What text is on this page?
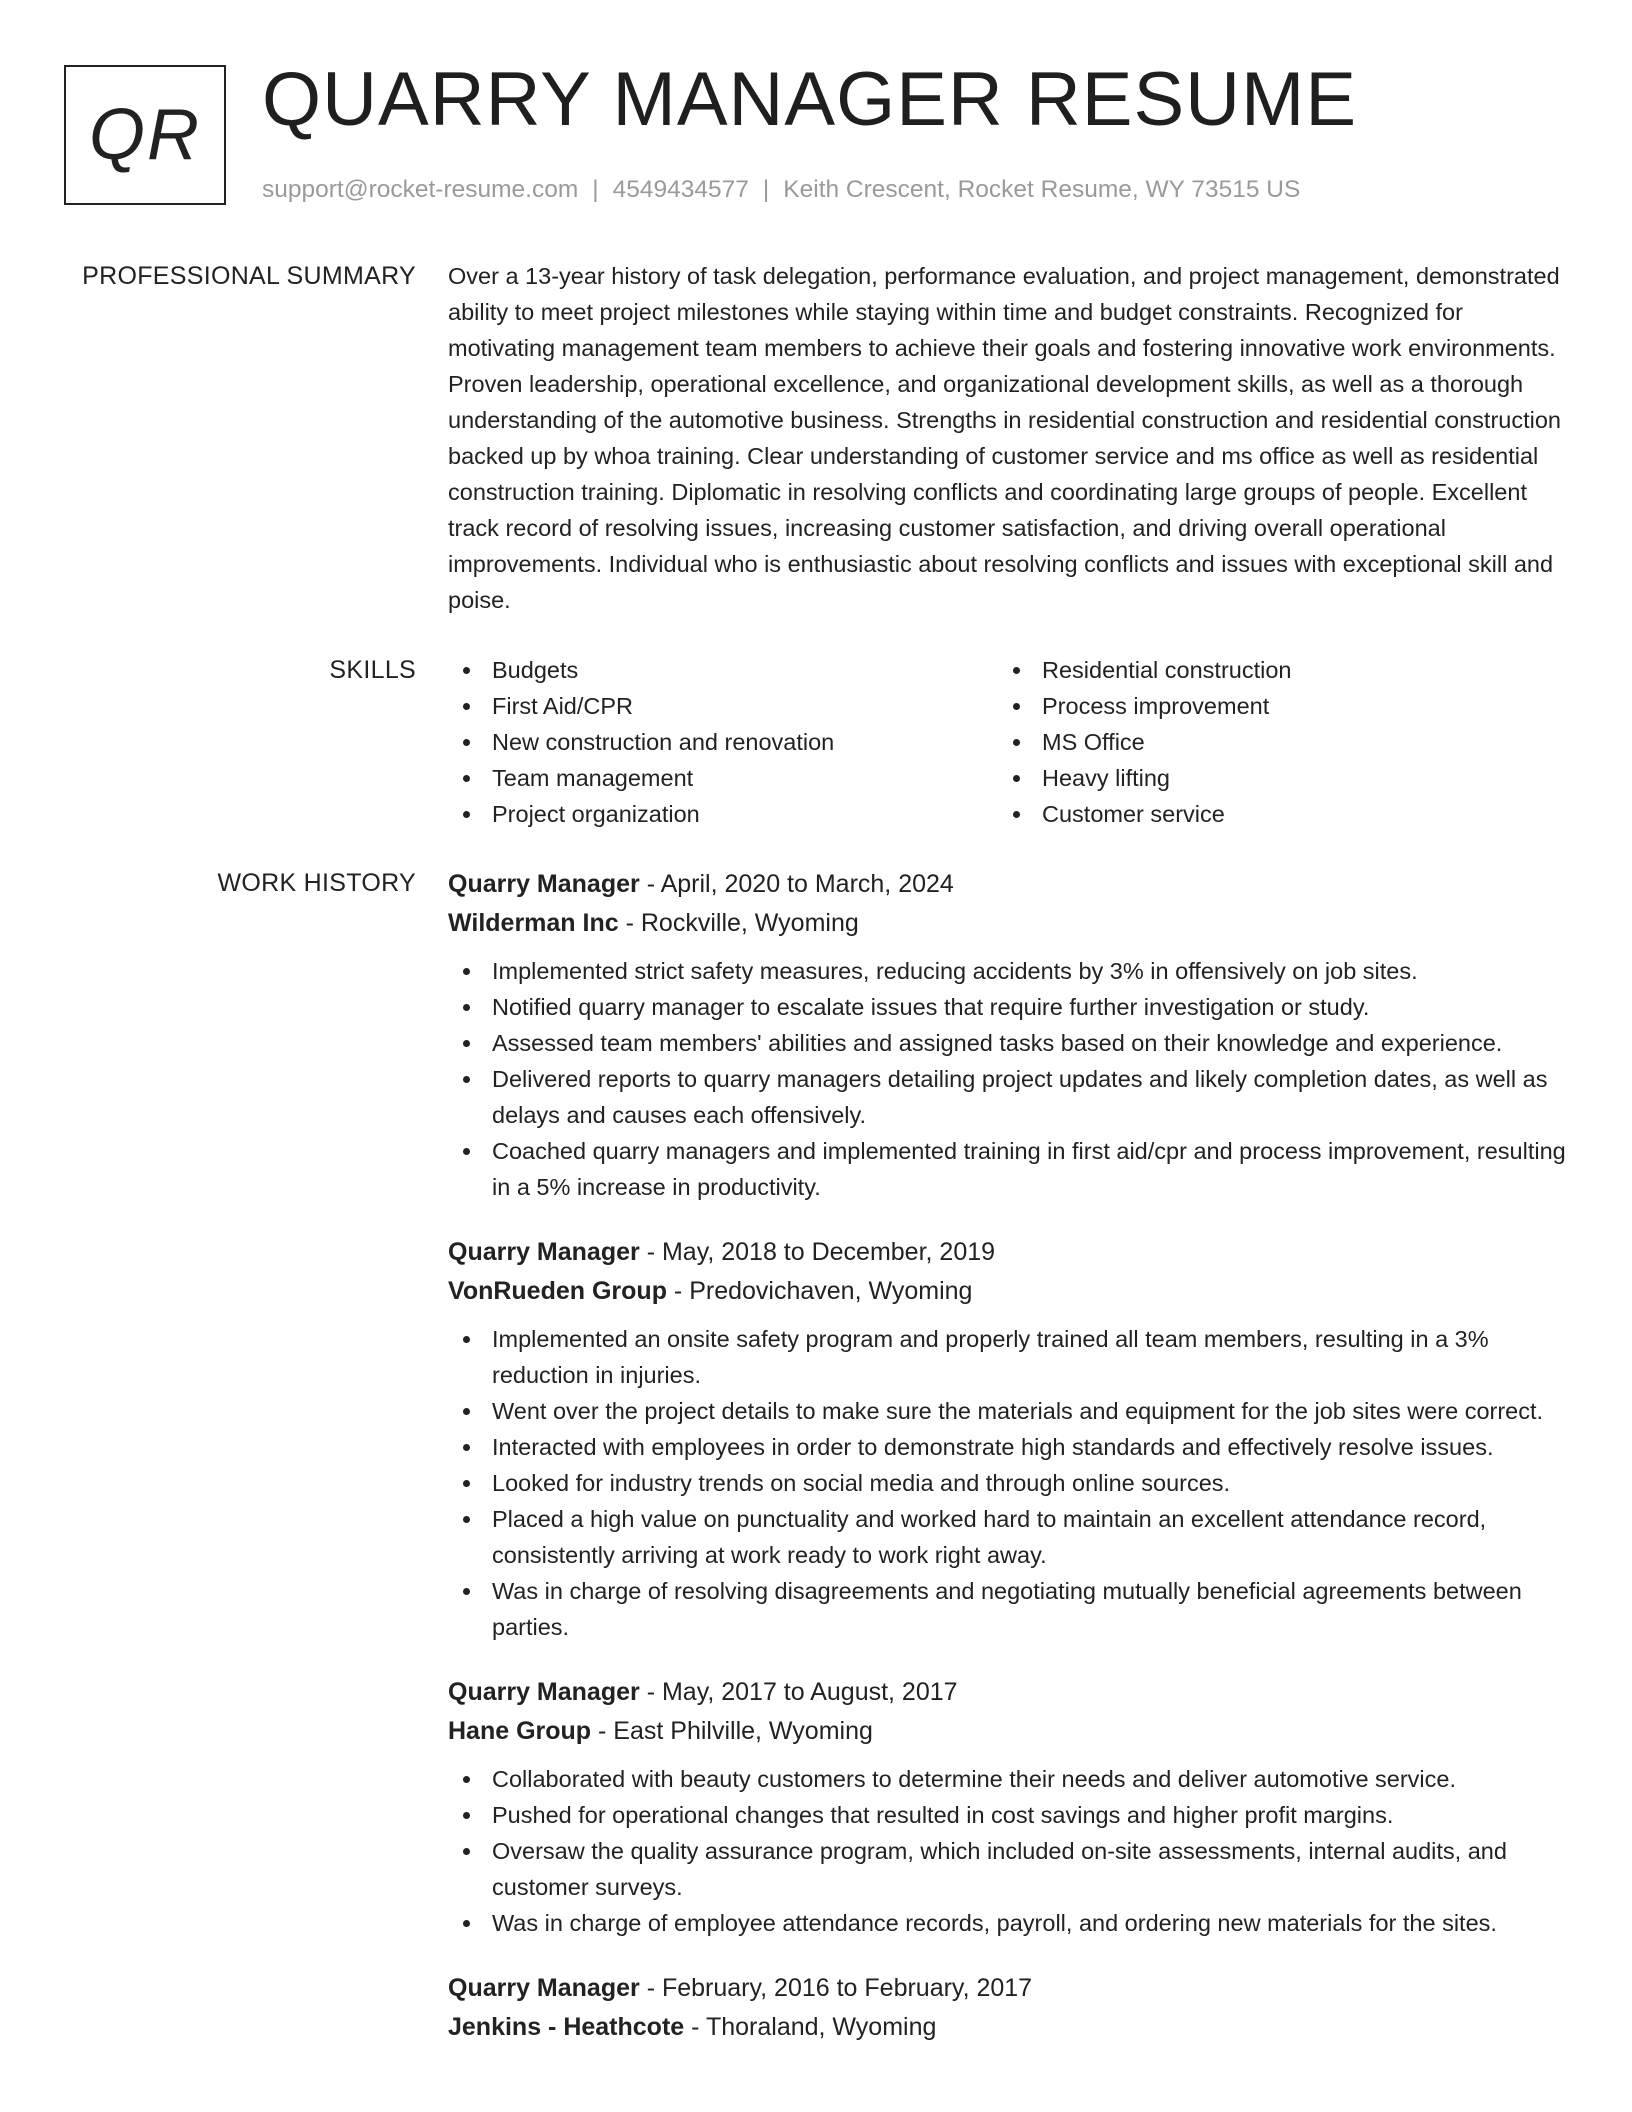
QR QUARRY MANAGER RESUME
support@rocket-resume.com | 4549434577 | Keith Crescent, Rocket Resume, WY 73515 US
PROFESSIONAL SUMMARY Over a 13-year history of task delegation, performance evaluation, and project management, demonstrated ability to meet project milestones while staying within time and budget constraints. Recognized for motivating management team members to achieve their goals and fostering innovative work environments. Proven leadership, operational excellence, and organizational development skills, as well as a thorough understanding of the automotive business. Strengths in residential construction and residential construction backed up by whoa training. Clear understanding of customer service and ms office as well as residential construction training. Diplomatic in resolving conflicts and coordinating large groups of people. Excellent track record of resolving issues, increasing customer satisfaction, and driving overall operational improvements. Individual who is enthusiastic about resolving conflicts and issues with exceptional skill and poise.

SKILLS	Budgets
First Aid/CPR
New construction and renovation
Team management
Project organization
Residential construction
Process improvement
MS Office
Heavy lifting
Customer service
WORK HISTORY Quarry Manager - April, 2020 to March, 2024
Wilderman Inc - Rockville, Wyoming
Implemented strict safety measures, reducing accidents by 3% in offensively on job sites.
Notified quarry manager to escalate issues that require further investigation or study.
Assessed team members' abilities and assigned tasks based on their knowledge and experience.
Delivered reports to quarry managers detailing project updates and likely completion dates, as well as delays and causes each offensively.
Coached quarry managers and implemented training in first aid/cpr and process improvement, resulting in a 5% increase in productivity.
Quarry Manager - May, 2018 to December, 2019
VonRueden Group - Predovichaven, Wyoming
Implemented an onsite safety program and properly trained all team members, resulting in a 3% reduction in injuries.
Went over the project details to make sure the materials and equipment for the job sites were correct.
Interacted with employees in order to demonstrate high standards and effectively resolve issues.
Looked for industry trends on social media and through online sources.
Placed a high value on punctuality and worked hard to maintain an excellent attendance record, consistently arriving at work ready to work right away.
Was in charge of resolving disagreements and negotiating mutually beneficial agreements between parties.
Quarry Manager - May, 2017 to August, 2017
Hane Group - East Philville, Wyoming
Collaborated with beauty customers to determine their needs and deliver automotive service.
Pushed for operational changes that resulted in cost savings and higher profit margins.
Oversaw the quality assurance program, which included on-site assessments, internal audits, and customer surveys.
Was in charge of employee attendance records, payroll, and ordering new materials for the sites.
Quarry Manager - February, 2016 to February, 2017
Jenkins - Heathcote - Thoraland, Wyoming
